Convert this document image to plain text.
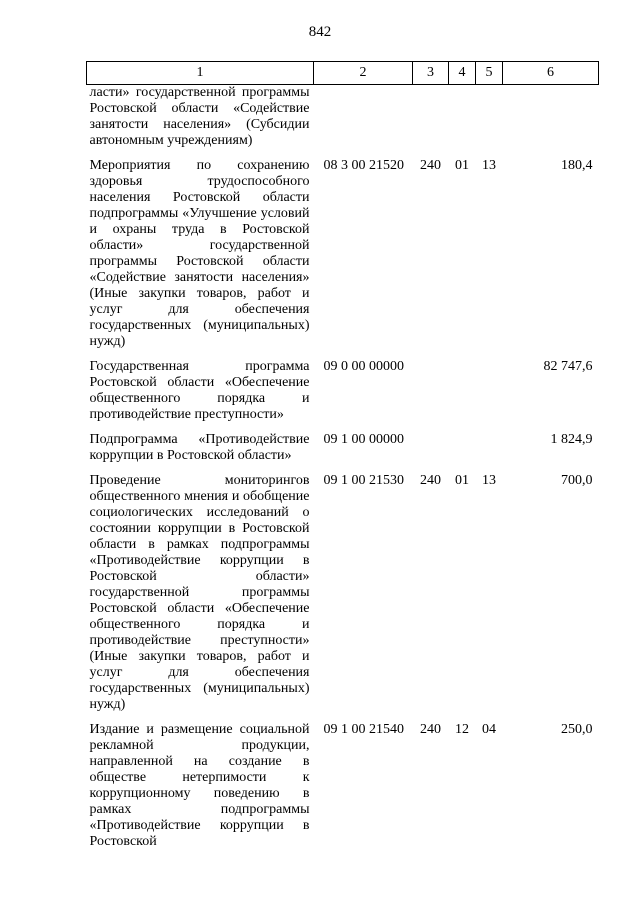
842
1	2	3	4	5	6
ласти» государственной программы Ростовской области «Содействие занятости населения» (Субсидии автономным учреждениям)					

Мероприятия по сохранению здоровья трудоспособного населения Ростовской области подпрограммы «Улучшение условий и охраны труда в Ростовской области» государственной программы Ростовской области «Содействие занятости населения» (Иные закупки товаров, работ и услуг для обеспечения государственных (муниципальных) нужд)	08 3 00 21520	240	01	13	180,4

Государственная программа Ростовской области «Обеспечение общественного порядка и противодействие преступности»	09 0 00 00000				82 747,6

Подпрограмма «Противодействие коррупции в Ростовской области»	09 1 00 00000				1 824,9

Проведение мониторингов общественного мнения и обобщение социологических исследований о состоянии коррупции в Ростовской области в рамках подпрограммы «Противодействие коррупции в Ростовской области» государственной программы Ростовской области «Обеспечение общественного порядка и противодействие преступности» (Иные закупки товаров, работ и услуг для обеспечения государственных (муниципальных) нужд)	09 1 00 21530	240	01	13	700,0

Издание и размещение социальной рекламной продукции, направленной на создание в обществе нетерпимости к коррупционному поведению в рамках подпрограммы «Противодействие коррупции в Ростовской	09 1 00 21540	240	12	04	250,0
